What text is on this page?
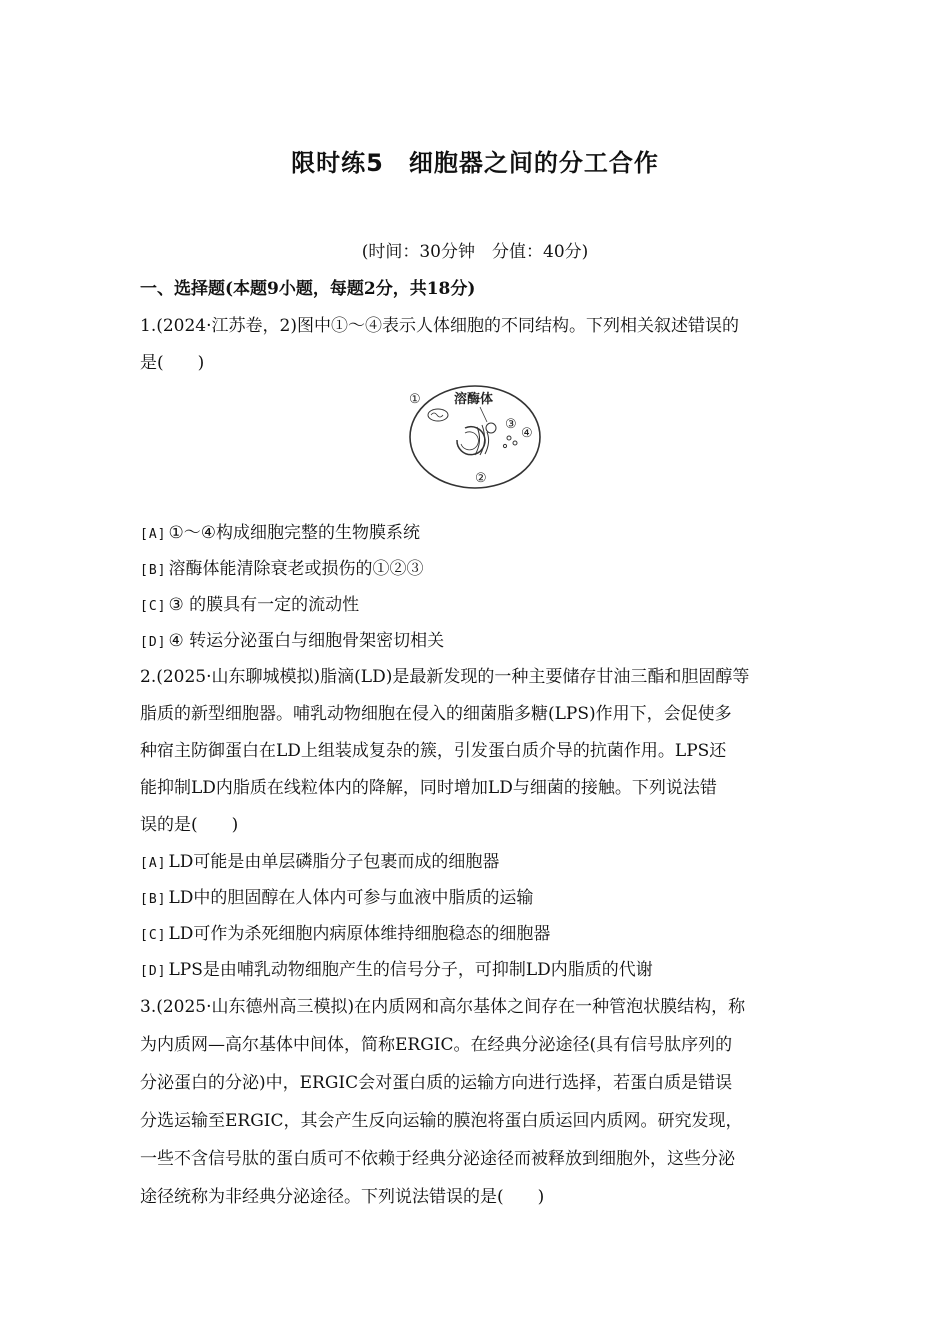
限时练5　细胞器之间的分工合作
(时间：30分钟　分值：40分)
一、选择题(本题9小题，每题2分，共18分)
1.(2024·江苏卷，2)图中①～④表示人体细胞的不同结构。下列相关叙述错误的
是(　　)
①	溶酶体
②
③
④
[A] ①～④构成细胞完整的生物膜系统
[B] 溶酶体能清除衰老或损伤的①②③
[C] ③ 的膜具有一定的流动性
[D] ④ 转运分泌蛋白与细胞骨架密切相关
2.(2025·山东聊城模拟)脂滴(LD)是最新发现的一种主要储存甘油三酯和胆固醇等
脂质的新型细胞器。哺乳动物细胞在侵入的细菌脂多糖(LPS)作用下，会促使多
种宿主防御蛋白在LD上组装成复杂的簇，引发蛋白质介导的抗菌作用。LPS还
能抑制LD内脂质在线粒体内的降解，同时增加LD与细菌的接触。下列说法错
误的是(　　)
[A] LD可能是由单层磷脂分子包裹而成的细胞器
[B] LD中的胆固醇在人体内可参与血液中脂质的运输
[C] LD可作为杀死细胞内病原体维持细胞稳态的细胞器
[D] LPS是由哺乳动物细胞产生的信号分子，可抑制LD内脂质的代谢
3.(2025·山东德州高三模拟)在内质网和高尔基体之间存在一种管泡状膜结构，称
为内质网—高尔基体中间体，简称ERGIC。在经典分泌途径(具有信号肽序列的
分泌蛋白的分泌)中，ERGIC会对蛋白质的运输方向进行选择，若蛋白质是错误
分选运输至ERGIC，其会产生反向运输的膜泡将蛋白质运回内质网。研究发现，
一些不含信号肽的蛋白质可不依赖于经典分泌途径而被释放到细胞外，这些分泌
途径统称为非经典分泌途径。下列说法错误的是(　　)
